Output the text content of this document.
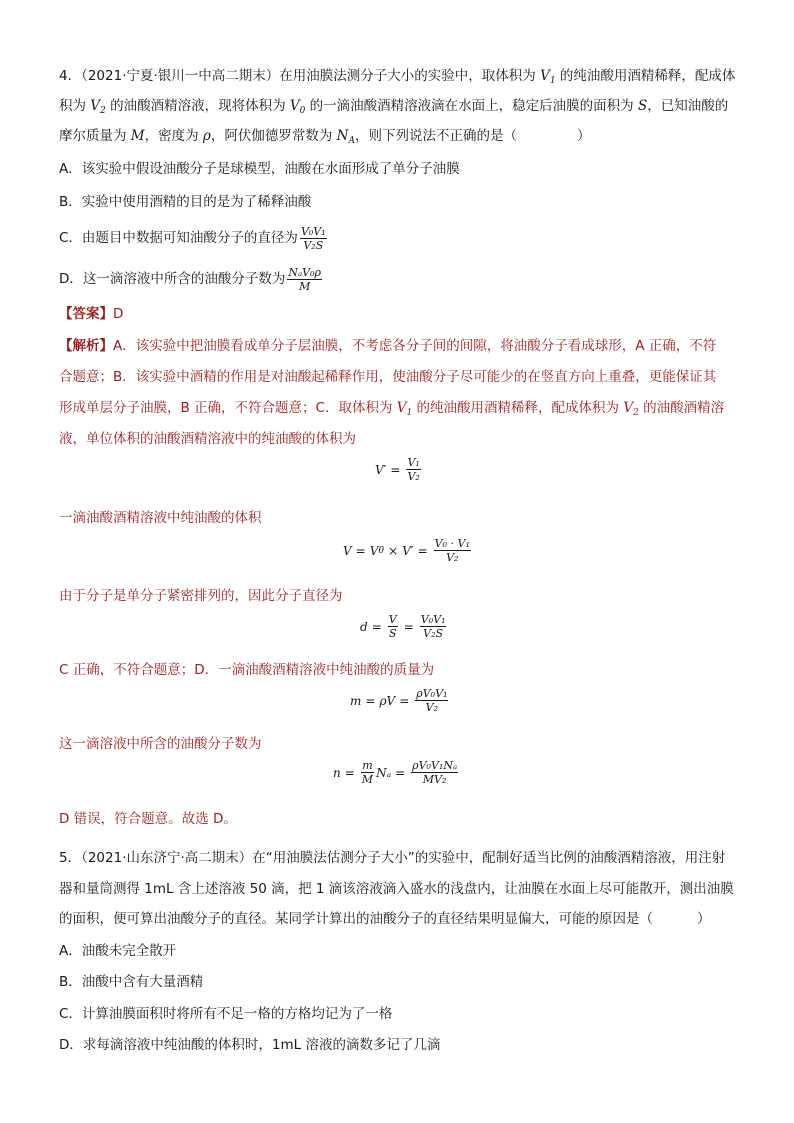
4．（2021·宁夏·银川一中高二期末）在用油膜法测分子大小的实验中，取体积为 $V_1$ 的纯油酸用酒精稀释，配成体
积为 $V_2$ 的油酸酒精溶液，现将体积为 $V_0$ 的一滴油酸酒精溶液滴在水面上，稳定后油膜的面积为 S，已知油酸的
摩尔质量为 M，密度为 ρ，阿伏伽德罗常数为 $N_A$，则下列说法不正确的是（	）
A．该实验中假设油酸分子是球模型，油酸在水面形成了单分子油膜
B．实验中使用酒精的目的是为了稀释油酸
C．由题目中数据可知油酸分子的直径为 $\frac{\text{V₀V₁}}{\text{V₂S}}$
D．这一滴溶液中所含的油酸分子数为 $\frac{\text{NₐV₀ρ}}{M}$
【答案】D
【解析】A．该实验中把油膜看成单分子层油膜，不考虑各分子间的间隙，将油酸分子看成球形，A 正确，不符
合题意；B．该实验中酒精的作用是对油酸起稀释作用，使油酸分子尽可能少的在竖直方向上重叠，更能保证其
形成单层分子油膜，B 正确，不符合题意；C．取体积为 $V_1$ 的纯油酸用酒精稀释，配成体积为 $V_2$ 的油酸酒精溶
液，单位体积的油酸酒精溶液中的纯油酸的体积为
$V' = \frac{\text{V₁}}{\text{V₂}}$
一滴油酸酒精溶液中纯油酸的体积
V = V $0 \times V' = \frac{\text{V₀ · V₁}}{\text{V₂}}$
由于分子是单分子紧密排列的，因此分子直径为
$d = \frac{V}{S} = \frac{\text{V₀V₁}}{\text{V₂S}}$
C 正确，不符合题意；D．一滴油酸酒精溶液中纯油酸的质量为
m = ρ $V = \frac{\text{ρV₀V₁}}{\text{V₂}}$
这一滴溶液中所含的油酸分子数为
$n = \frac{m}{M}$ $N_a = \frac{\text{ρV₀V₁Nₐ}}{\text{MV₂}}$
D 错误，符合题意。故选 D。
5．（2021·山东济宁·高二期末）在“用油膜法估测分子大小”的实验中，配制好适当比例的油酸酒精溶液，用注射
器和量筒测得 1mL 含上述溶液 50 滴，把 1 滴该溶液滴入盛水的浅盘内，让油膜在水面上尽可能散开，测出油膜
的面积，便可算出油酸分子的直径。某同学计算出的油酸分子的直径结果明显偏大，可能的原因是（	）
A．油酸未完全散开
B．油酸中含有大量酒精
C．计算油膜面积时将所有不足一格的方格均记为了一格
D．求每滴溶液中纯油酸的体积时，1mL 溶液的滴数多记了几滴
